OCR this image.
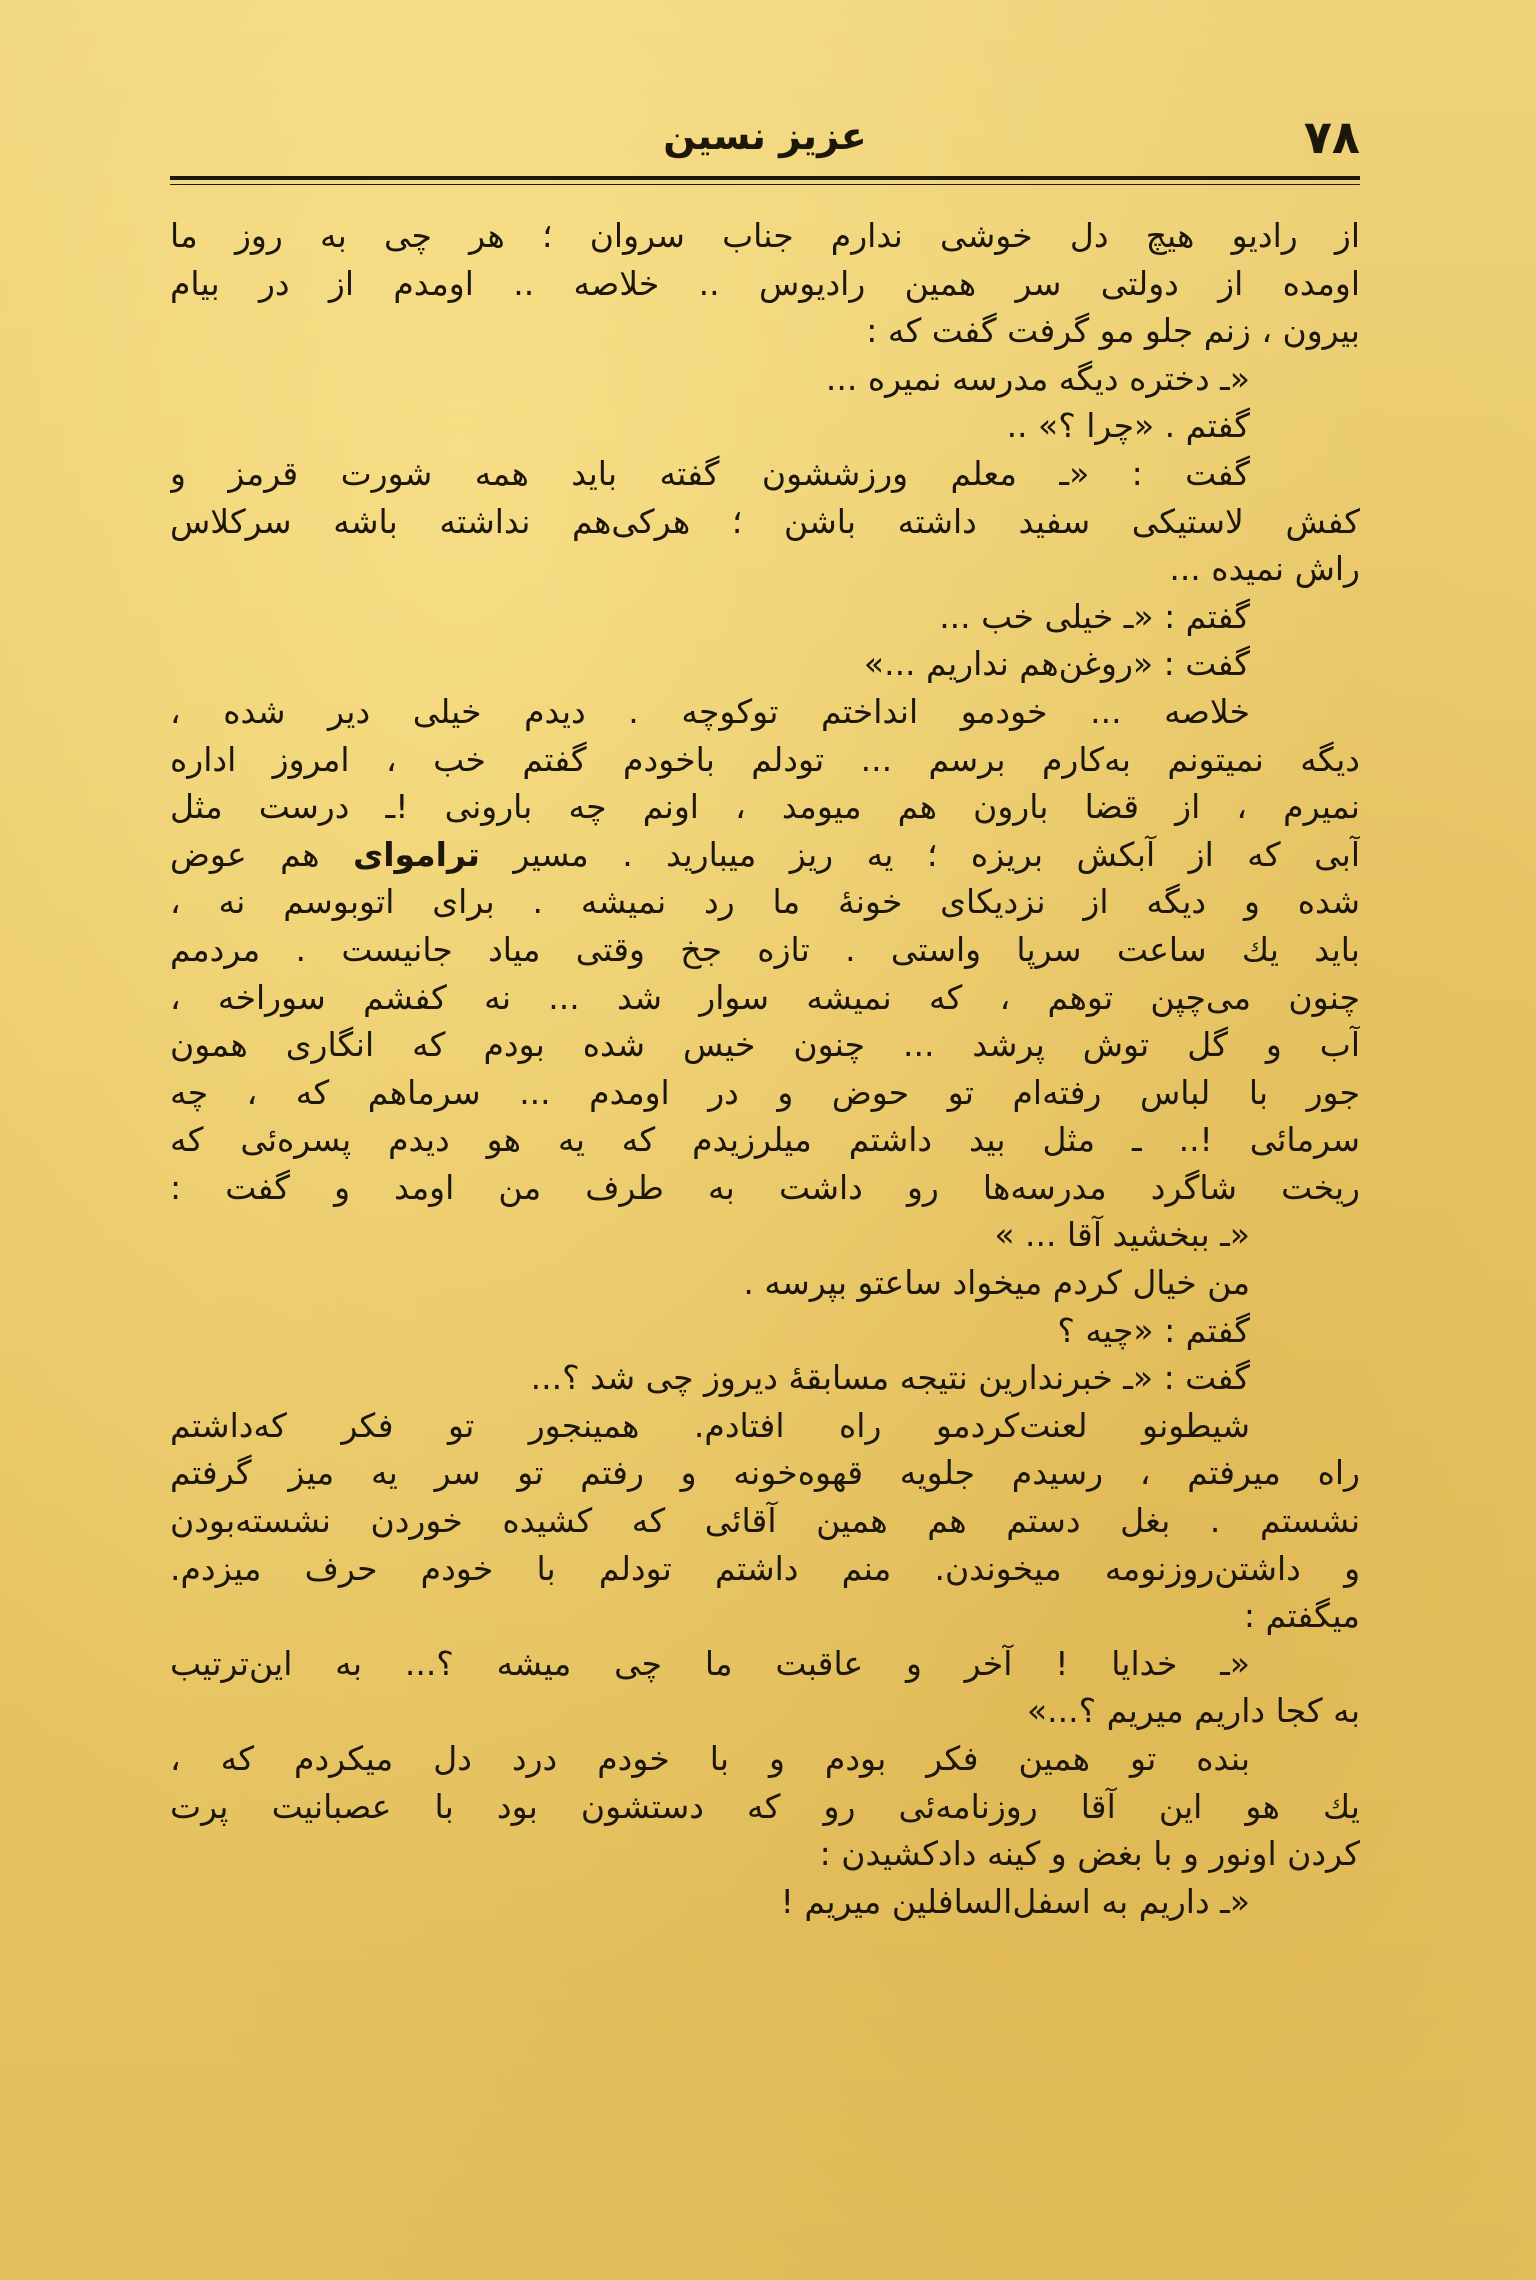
۷۸
عزیز نسین
از رادیو هیچ دل خوشی ندارم جناب سروان ؛ هر چی به روز ما
اومده از دولتی سر همین رادیوس .. خلاصه .. اومدم از در بیام
بیرون ، زنم جلو مو گرفت گفت که :
«ـ دختره دیگه مدرسه نمیره ...
گفتم . «چرا ؟» ..
گفت : «ـ معلم ورزششون گفته باید همه شورت قرمز و
کفش لاستیکی سفید داشته باشن ؛ هرکی‌هم نداشته باشه سرکلاس
راش نمیده ...
گفتم : «ـ خیلی خب ...
گفت : «روغن‌هم نداریم ...»
خلاصه ... خودمو انداختم توکوچه . دیدم خیلی دیر شده ،
دیگه نمیتونم به‌کارم برسم ... تودلم باخودم گفتم خب ، امروز اداره
نمیرم ، از قضا بارون هم میومد ، اونم چه بارونی !ـ درست مثل
آبی که از آبکش بریزه ؛ یه ریز میبارید . مسیر تراموای هم عوض
شده و دیگه از نزدیکای خونهٔ ما رد نمیشه . برای اتوبوسم نه ،
باید یك ساعت سرپا واستی . تازه جخ وقتی میاد جانیست . مردمم
چنون می‌چپن توهم ، که نمیشه سوار شد ... نه کفشم سوراخه ،
آب و گل توش پرشد ... چنون خیس شده بودم که انگاری همون
جور با لباس رفته‌ام تو حوض و در اومدم ... سرماهم که ، چه
سرمائی !.. ـ مثل بید داشتم میلرزیدم که یه هو دیدم پسره‌ئی که
ریخت شاگرد مدرسه‌ها رو داشت به طرف من اومد و گفت :
«ـ ببخشید آقا ... »
من خیال کردم میخواد ساعتو بپرسه .
گفتم : «چیه ؟
گفت : «ـ خبرندارین نتیجه مسابقهٔ دیروز چی شد ؟...
شیطونو لعنت‌کردمو راه افتادم. همینجور تو فکر که‌داشتم
راه میرفتم ، رسیدم جلویه قهوه‌خونه و رفتم تو سر یه میز گرفتم
نشستم . بغل دستم هم همین آقائی که کشیده خوردن نشسته‌بودن
و داشتن‌روزنومه میخوندن. منم داشتم تودلم با خودم حرف میزدم.
میگفتم :
«ـ خدایا ! آخر و عاقبت ما چی میشه ؟... به این‌ترتیب
به کجا داریم میریم ؟...»
بنده تو همین فکر بودم و با خودم درد دل میکردم که ،
یك هو این آقا روزنامه‌ئی رو که دستشون بود با عصبانیت پرت
کردن اونور و با بغض و کینه دادکشیدن :
«ـ داریم به اسفل‌السافلین میریم !
